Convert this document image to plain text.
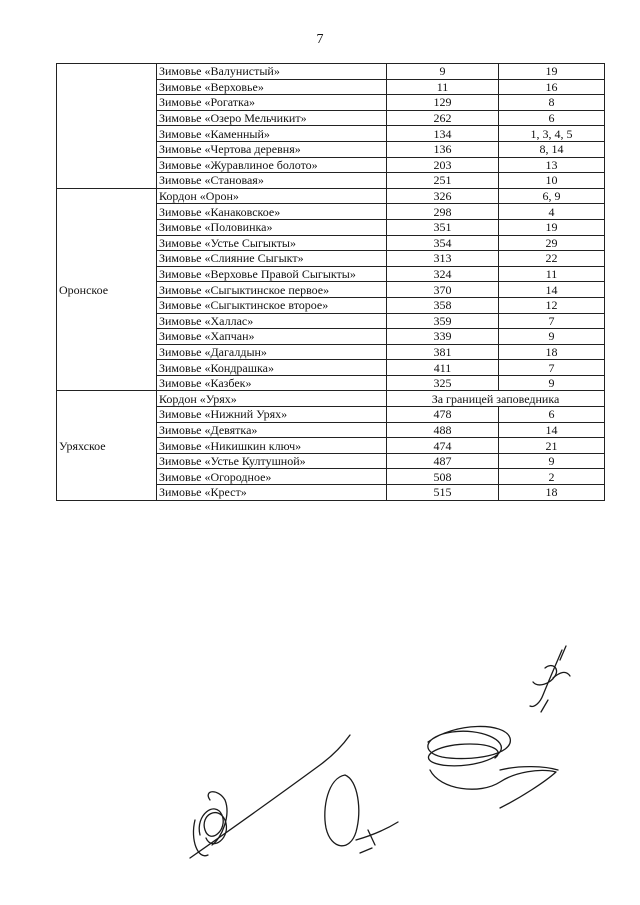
7
	Зимовье «Валунистый»	9	19
	Зимовье «Верховье»	11	16
	Зимовье «Рогатка»	129	8
	Зимовье «Озеро Мельчикит»	262	6
	Зимовье «Каменный»	134	1, 3, 4, 5
	Зимовье «Чертова деревня»	136	8, 14
	Зимовье «Журавлиное болото»	203	13
	Зимовье «Становая»	251	10
Оронское	Кордон «Орон»	326	6, 9
	Зимовье «Канаковское»	298	4
	Зимовье «Половинка»	351	19
	Зимовье «Устье Сыгыкты»	354	29
	Зимовье «Слияние Сыгыкт»	313	22
	Зимовье «Верховье Правой Сыгыкты»	324	11
	Зимовье «Сыгыктинское первое»	370	14
	Зимовье «Сыгыктинское второе»	358	12
	Зимовье «Халлас»	359	7
	Зимовье «Хапчан»	339	9
	Зимовье «Дагалдын»	381	18
	Зимовье «Кондрашка»	411	7
	Зимовье «Казбек»	325	9
Уряхское	Кордон «Урях»	За границей заповедника	
	Зимовье «Нижний Урях»	478	6
	Зимовье «Девятка»	488	14
	Зимовье «Никишкин ключ»	474	21
	Зимовье «Устье Култушной»	487	9
	Зимовье «Огородное»	508	2
	Зимовье «Крест»	515	18
